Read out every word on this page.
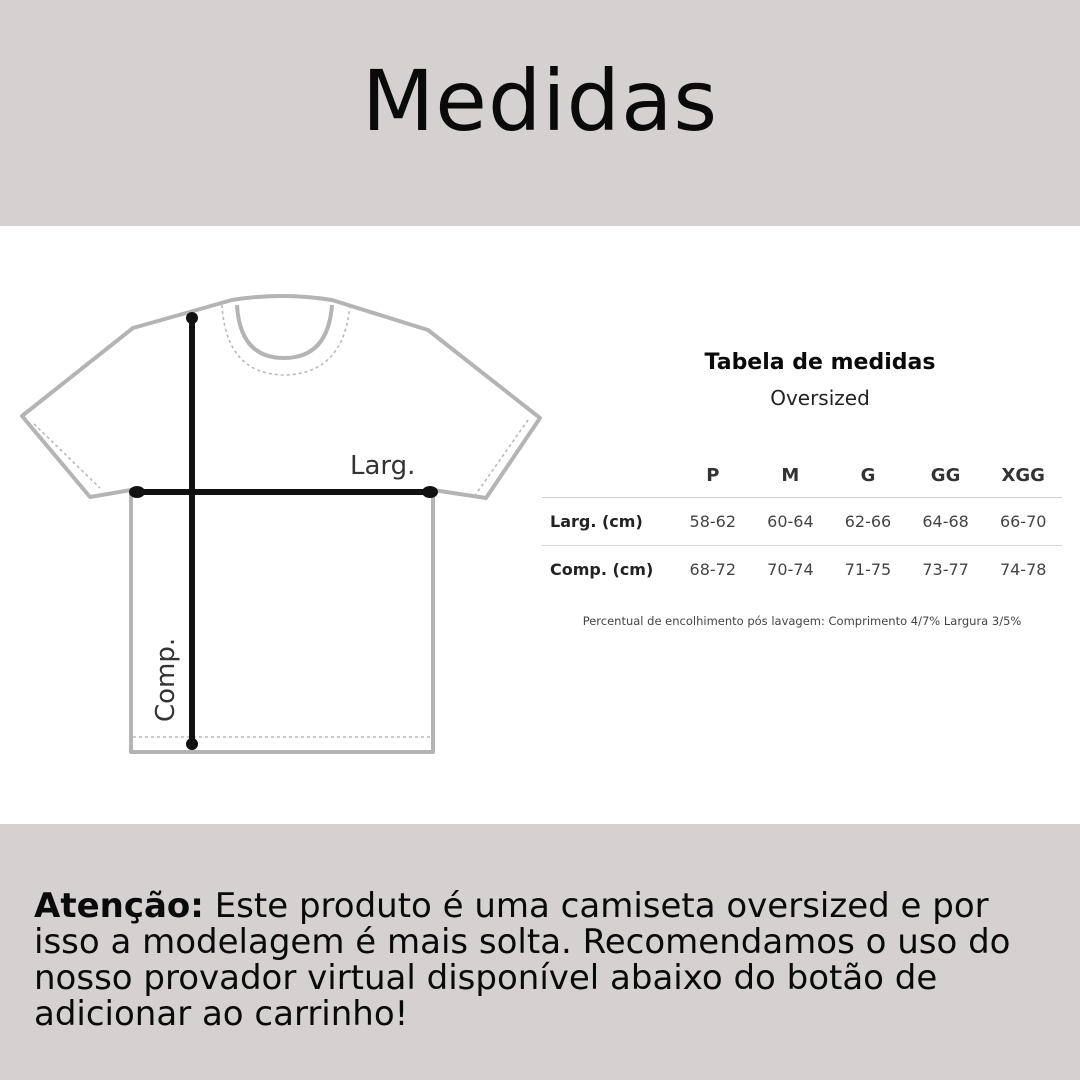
Medidas
Larg.
Comp.
Tabela de medidas
Oversized
	P	M	G	GG	XGG
Larg. (cm)	58-62	60-64	62-66	64-68	66-70
Comp. (cm)	68-72	70-74	71-75	73-77	74-78
Percentual de encolhimento pós lavagem: Comprimento 4/7% Largura 3/5%

Atenção: Este produto é uma camiseta oversized e por isso a modelagem é mais solta. Recomendamos o uso do nosso provador virtual disponível abaixo do botão de adicionar ao carrinho!
